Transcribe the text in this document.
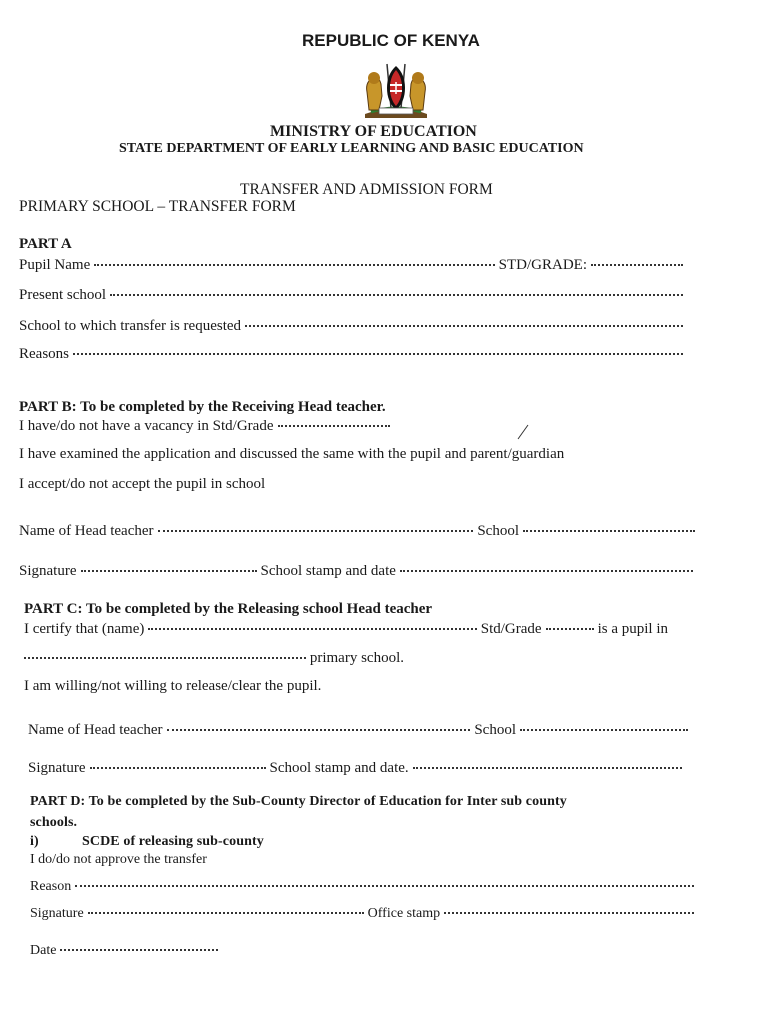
REPUBLIC OF KENYA
MINISTRY OF EDUCATION
STATE DEPARTMENT OF EARLY LEARNING AND BASIC EDUCATION
TRANSFER AND ADMISSION FORM
PRIMARY SCHOOL – TRANSFER FORM
PART A
Pupil Name	STD/GRADE:
Present school
School to which transfer is requested
Reasons
PART B: To be completed by the Receiving Head teacher.
I have/do not have a vacancy in Std/Grade
I have examined the application and discussed the same with the pupil and parent/guardian
I accept/do not accept the pupil in school
Name of Head teacher	School
Signature	School stamp and date
PART C: To be completed by the Releasing school Head teacher
I certify that (name)	Std/Grade	is a pupil in
primary school.
I am willing/not willing to release/clear the pupil.
Name of Head teacher	School
Signature	School stamp and date.
PART D: To be completed by the Sub-County Director of Education for Inter sub county
schools.
i)	SCDE of releasing sub-county
I do/do not approve the transfer
Reason
Signature	Office stamp
Date
